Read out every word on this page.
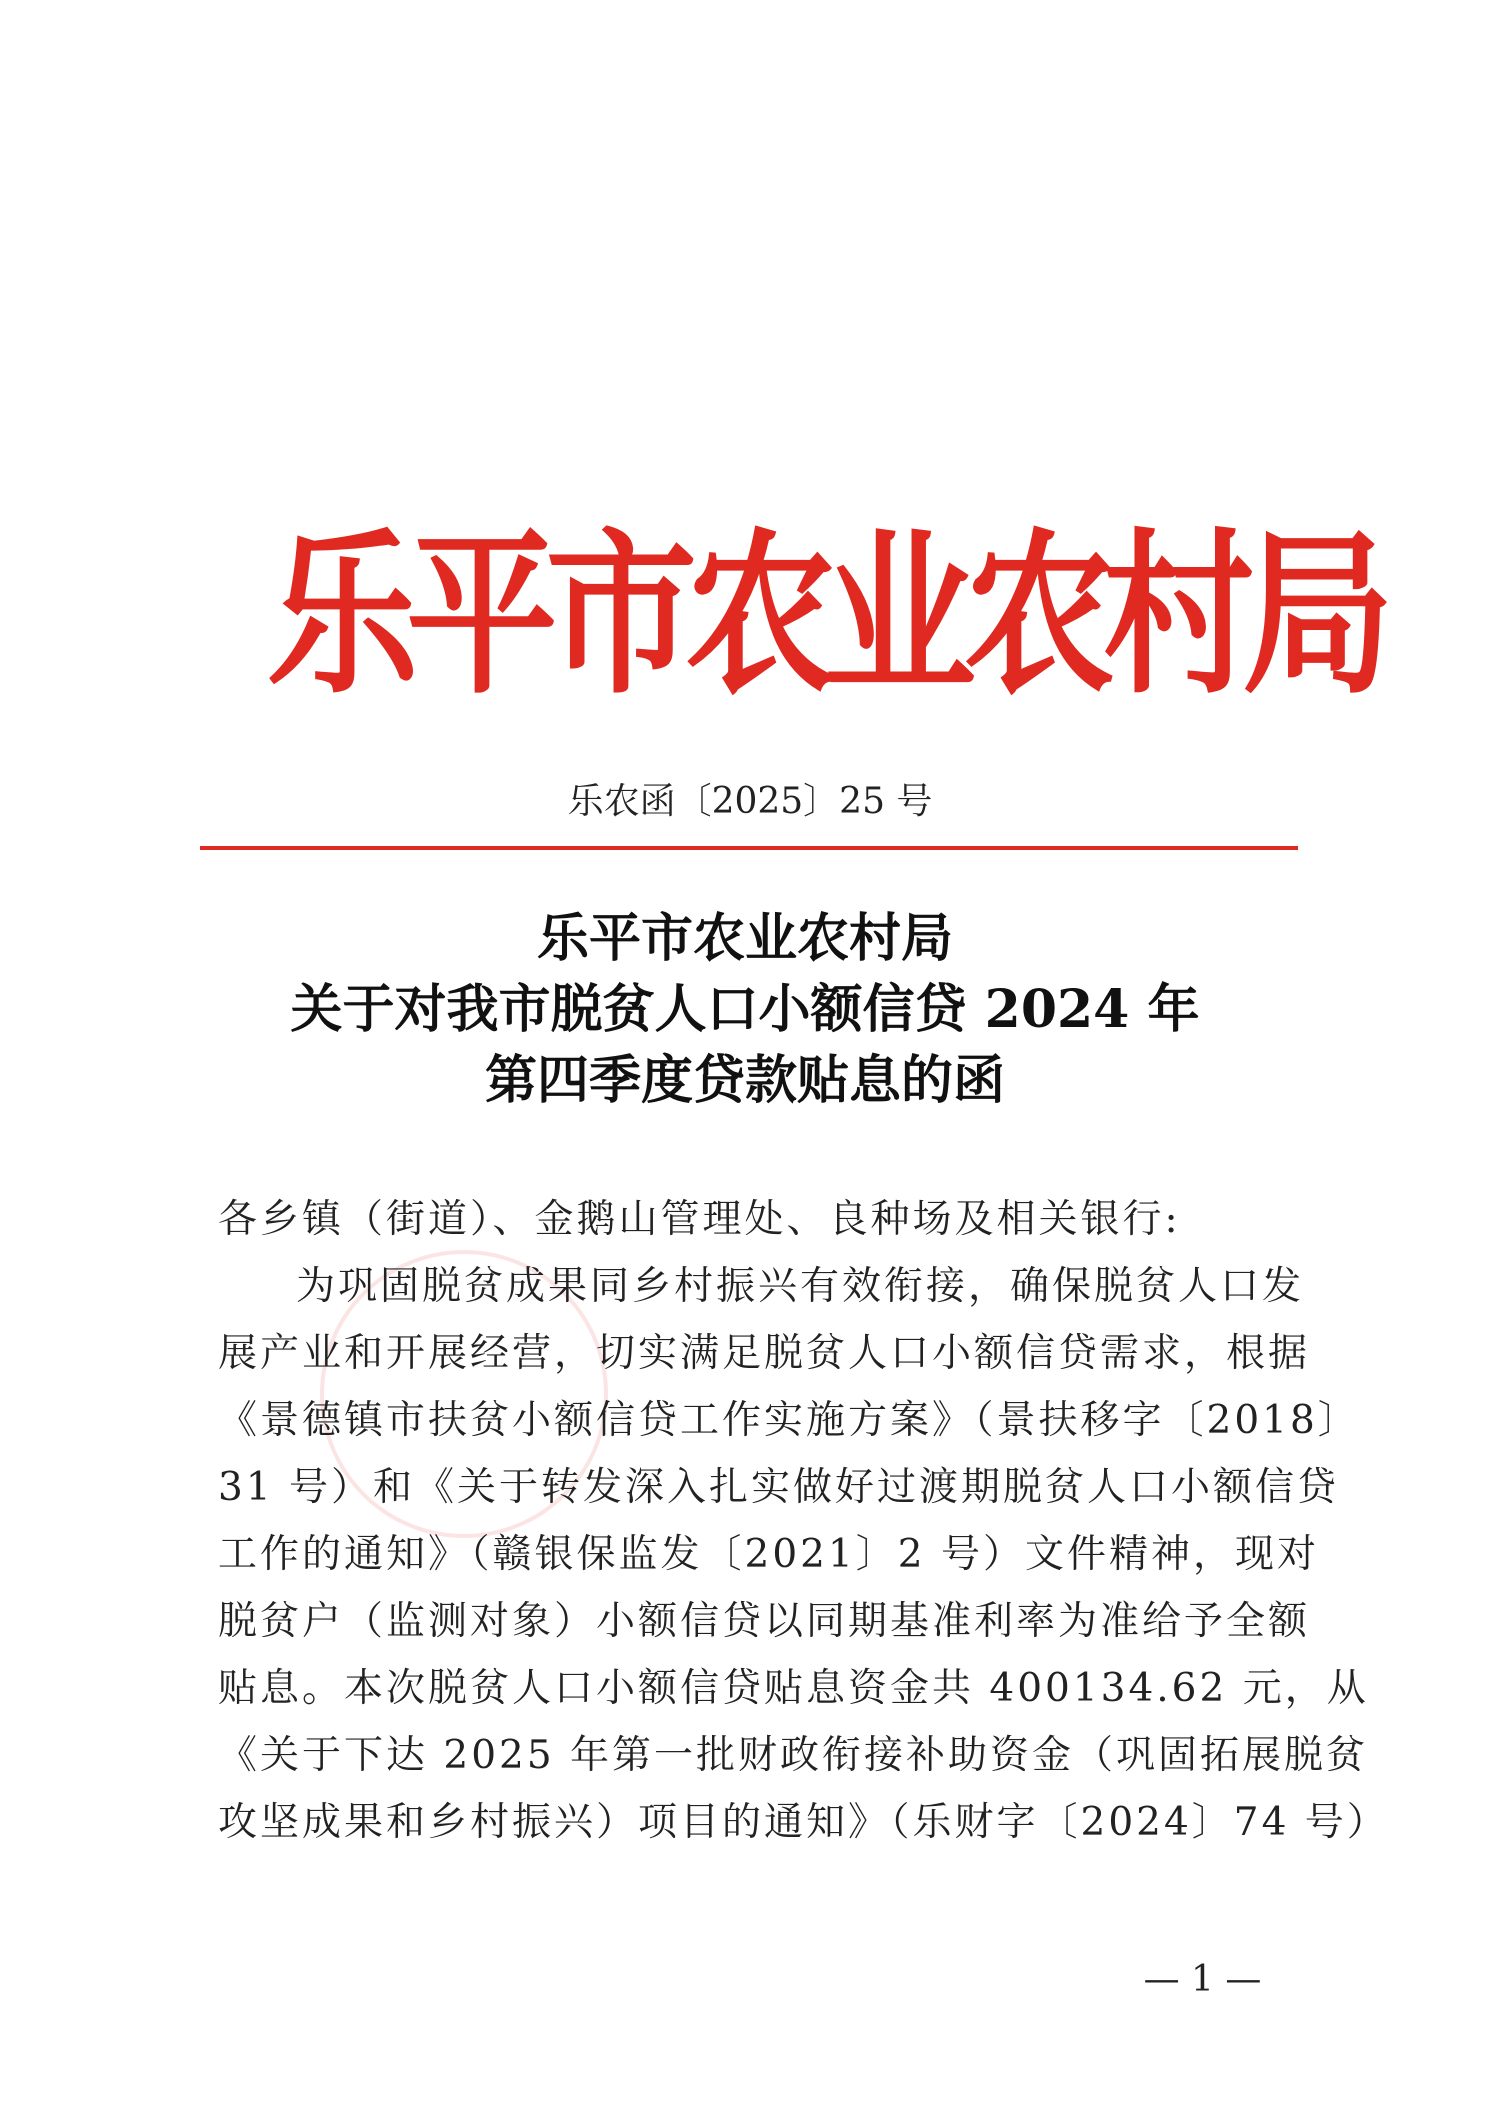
乐平市农业农村局
乐农函〔2025〕25 号
乐平市农业农村局
关于对我市脱贫人口小额信贷 2024 年
第四季度贷款贴息的函
各乡镇（街道）、金鹅山管理处、良种场及相关银行:
为巩固脱贫成果同乡村振兴有效衔接，确保脱贫人口发
展产业和开展经营，切实满足脱贫人口小额信贷需求，根据
《景德镇市扶贫小额信贷工作实施方案》（景扶移字〔2018〕
31 号）和《关于转发深入扎实做好过渡期脱贫人口小额信贷
工作的通知》（赣银保监发〔2021〕2 号）文件精神，现对
脱贫户（监测对象）小额信贷以同期基准利率为准给予全额
贴息。本次脱贫人口小额信贷贴息资金共 400134.62 元，从
《关于下达 2025 年第一批财政衔接补助资金（巩固拓展脱贫
攻坚成果和乡村振兴）项目的通知》（乐财字〔2024〕74 号）
— 1 —
